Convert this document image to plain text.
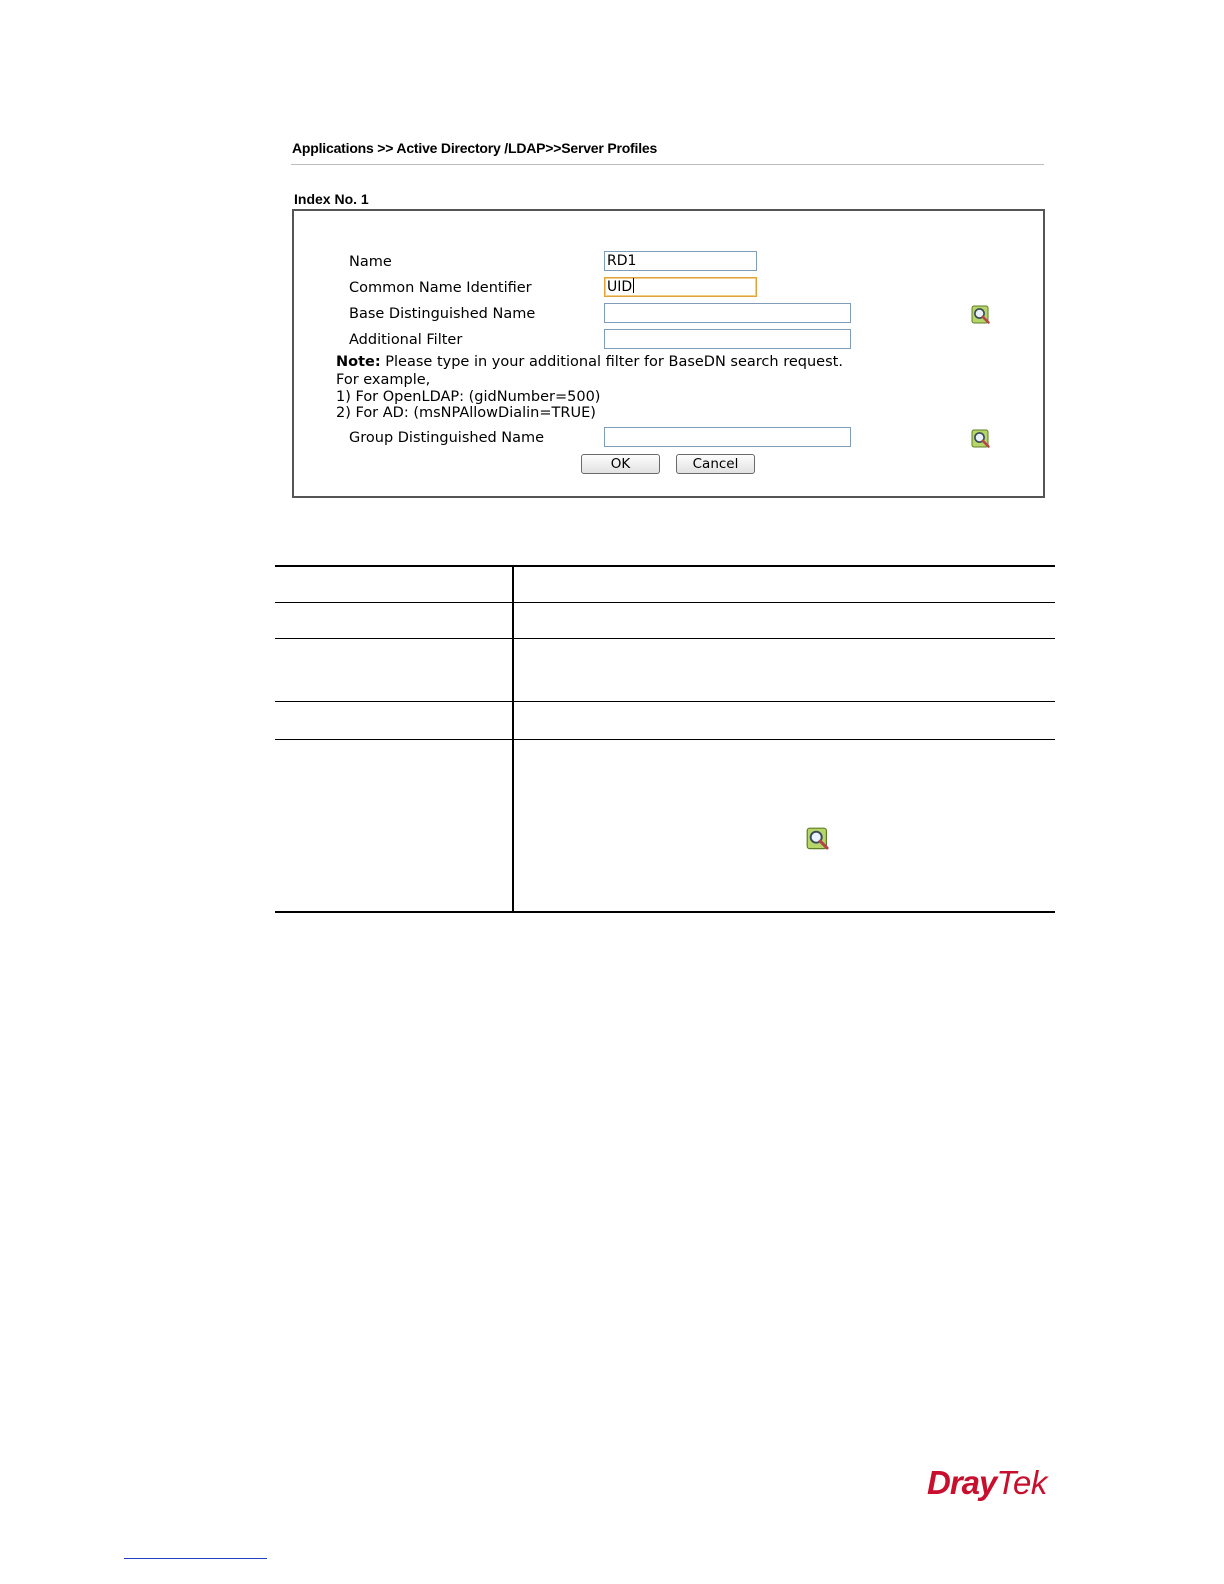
Applications >> Active Directory /LDAP>>Server Profiles
Index No. 1
Name	RD1
Common Name Identifier	UID
Base Distinguished Name
Additional Filter
Note: Please type in your additional filter for BaseDN search request.
For example,
1) For OpenLDAP: (gidNumber=500)
2) For AD: (msNPAllowDialin=TRUE)
Group Distinguished Name
OK	Cancel
DrayTek
